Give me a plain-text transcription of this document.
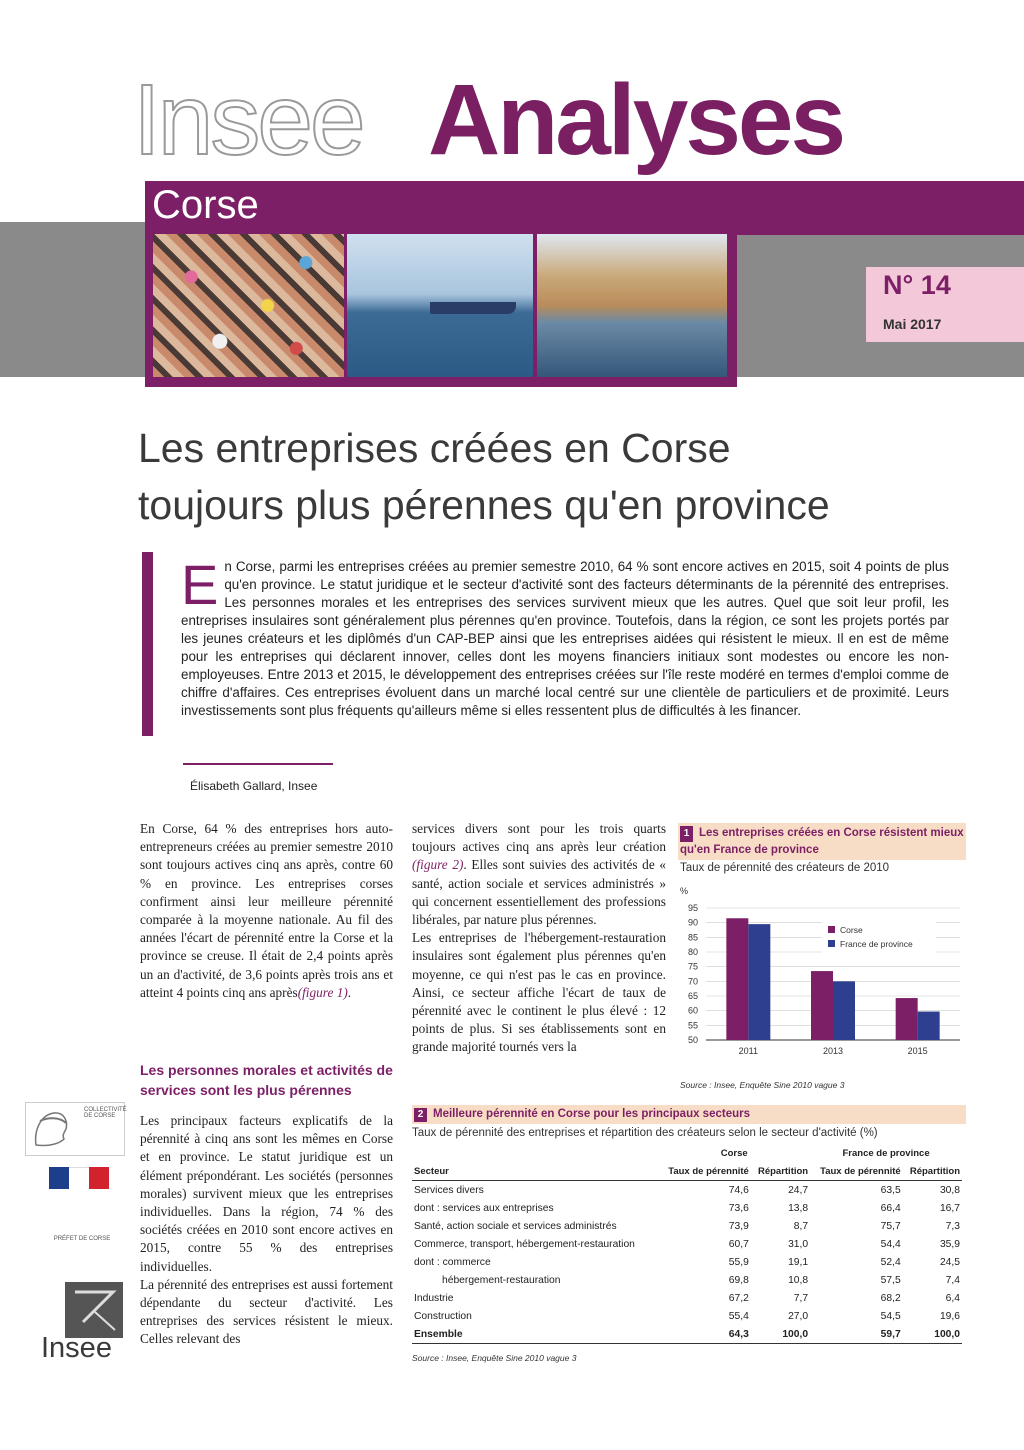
Insee Analyses
Corse
N° 14
Mai 2017
Les entreprises créées en Corse
toujours plus pérennes qu'en province
En Corse, parmi les entreprises créées au premier semestre 2010, 64 % sont encore actives en 2015, soit 4 points de plus qu'en province. Le statut juridique et le secteur d'activité sont des facteurs déterminants de la pérennité des entreprises. Les personnes morales et les entreprises des services survivent mieux que les autres. Quel que soit leur profil, les entreprises insulaires sont généralement plus pérennes qu'en province. Toutefois, dans la région, ce sont les projets portés par les jeunes créateurs et les diplômés d'un CAP-BEP ainsi que les entreprises aidées qui résistent le mieux. Il en est de même pour les entreprises qui déclarent innover, celles dont les moyens financiers initiaux sont modestes ou encore les non-employeuses. Entre 2013 et 2015, le développement des entreprises créées sur l'île reste modéré en termes d'emploi comme de chiffre d'affaires. Ces entreprises évoluent dans un marché local centré sur une clientèle de particuliers et de proximité. Leurs investissements sont plus fréquents qu'ailleurs même si elles ressentent plus de difficultés à les financer.
Élisabeth Gallard, Insee
En Corse, 64 % des entreprises hors auto-entrepreneurs créées au premier semestre 2010 sont toujours actives cinq ans après, contre 60 % en province. Les entreprises corses confirment ainsi leur meilleure pérennité comparée à la moyenne nationale. Au fil des années l'écart de pérennité entre la Corse et la province se creuse. Il était de 2,4 points après un an d'activité, de 3,6 points après trois ans et atteint 4 points cinq ans après(figure 1).
Les personnes morales et activités de services sont les plus pérennes
Les principaux facteurs explicatifs de la pérennité à cinq ans sont les mêmes en Corse et en province. Le statut juridique est un élément prépondérant. Les sociétés (personnes morales) survivent mieux que les entreprises individuelles. Dans la région, 74 % des sociétés créées en 2010 sont encore actives en 2015, contre 55 % des entreprises individuelles.
La pérennité des entreprises est aussi fortement dépendante du secteur d'activité. Les entreprises des services résistent le mieux. Celles relevant des
services divers sont pour les trois quarts toujours actives cinq ans après leur création (figure 2). Elles sont suivies des activités de « santé, action sociale et services administrés » qui concernent essentiellement des professions libérales, par nature plus pérennes.
Les entreprises de l'hébergement-restauration insulaires sont également plus pérennes qu'en moyenne, ce qui n'est pas le cas en province. Ainsi, ce secteur affiche l'écart de taux de pérennité avec le continent le plus élevé : 12 points de plus. Si ses établissements sont en grande majorité tournés vers la
1 Les entreprises créées en Corse résistent mieux qu'en France de province
Taux de pérennité des créateurs de 2010
%
50
55
60
65
70
75
80
85
90
95
2011	2013	2015
Corse
France de province
Source : Insee, Enquête Sine 2010 vague 3
2 Meilleure pérennité en Corse pour les principaux secteurs
Taux de pérennité des entreprises et répartition des créateurs selon le secteur d'activité (%)
	Corse		France de province	
Secteur	Taux de pérennité	Répartition	Taux de pérennité	Répartition
Services divers	74,6	24,7	63,5	30,8
dont : services aux entreprises	73,6	13,8	66,4	16,7
Santé, action sociale et services administrés	73,9	8,7	75,7	7,3
Commerce, transport, hébergement-restauration	60,7	31,0	54,4	35,9
dont : commerce	55,9	19,1	52,4	24,5
hébergement-restauration	69,8	10,8	57,5	7,4
Industrie	67,2	7,7	68,2	6,4
Construction	55,4	27,0	54,5	19,6
Ensemble	64,3	100,0	59,7	100,0
Source : Insee, Enquête Sine 2010 vague 3
COLLECTIVITÉ DE CORSE
PRÉFET DE CORSE
Insee
